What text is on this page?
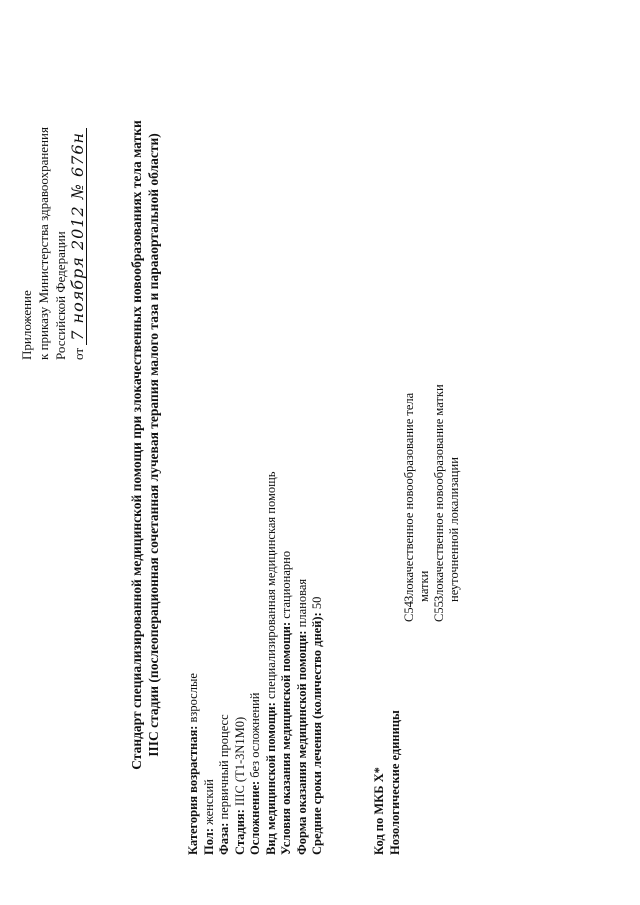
Приложение к приказу Министерства здравоохранения Российской Федерации от 7 ноября 2012 № 676н	Стандарт специализированной медицинской помощи при злокачественных новообразованиях тела матки IIIС стадии (послеоперационная сочетанная лучевая терапия малого таза и парааортальной области)
Категория возрастная: взрослые
Пол: женский
Фаза: первичный процесс
Стадия: IIIС (T1-3N1M0)
Осложнение: без осложнений Вид медицинской помощи: специализированная медицинская помощь
Условия оказания медицинской помощи: стационарно
Форма оказания медицинской помощи: плановая
Средние сроки лечения (количество дней): 50
Код по МКБ X* Нозологические единицы
C54
Злокачественное новообразование тела матки
C55
Злокачественное новообразование матки неуточненной локализации
